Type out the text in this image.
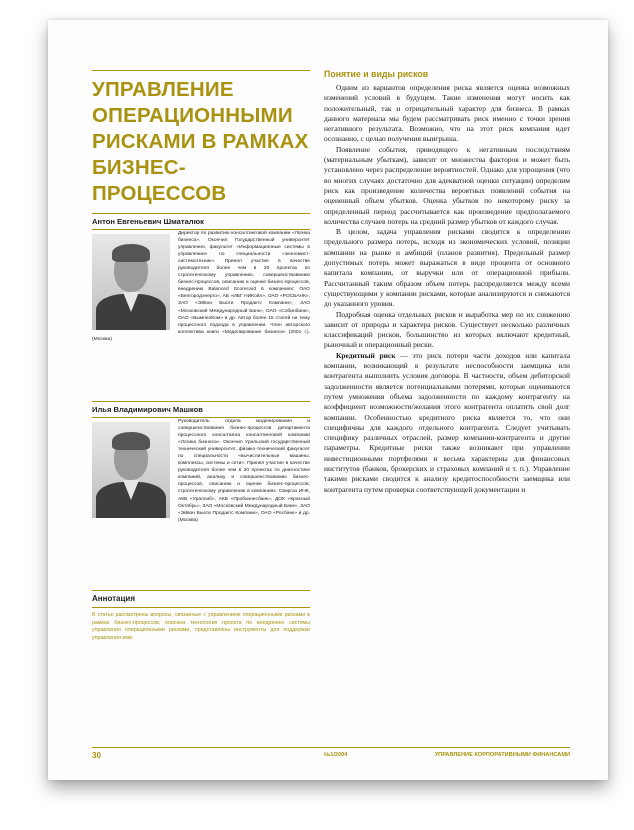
УПРАВЛЕНИЕ ОПЕРАЦИОННЫМИ РИСКАМИ В РАМКАХ БИЗНЕС-ПРОЦЕССОВ

Антон Евгеньевич Шматалюк

Директор по развитию консалтинговой компании «Логика бизнеса». Окончил Государственный университет управления, факультет «Информационные системы в управлении» по специальности «экономист-системотехник». Принял участие в качестве руководителя более чем в 20 проектах по стратегическому управлению, совершенствованию бизнес-процессов, описанию и оценке бизнес-процессов, внедрению Balanced Scorecard в компаниях: ОАО «Белгородэнерго», АБ «ИБГ НИКойл», ОАО «РОСБАНК», ЗАО «Эйвон Бьюти Продактс Компани», ЗАО «Московский Международный Банк», ОАО «Собинбанк», ОАО «ВымпелКом» и др. Автор более 15 статей на тему процессного подхода в управлении. Член авторского коллектива книги «Моделирование бизнеса» (2001 г.). (Москва)

Илья Владимирович Машков

Руководитель отдела моделирования и совершенствования бизнес-процессов департамента процессного консалтинга консалтинговой компании «Логика бизнеса». Окончил Уральский государственный технический университет, физико-технический факультет по специальности «вычислительные машины, комплексы, системы и сети». Принял участие в качестве руководителя более чем в 20 проектах по диагностике компаний, анализу и совершенствованию бизнес-процессов, описанию и оценке бизнес-процессов, стратегическому управлению в компаниях: Свиргаз ИНК, АКБ «Уралсиб», АКБ «Пробизнесбанк», ДОК «Красный Октябрь», ЗАО «Московский Международный Банк», ЗАО «Эйвон Бьюти Продактс Компани», ОАО «Росбанк» и др. (Москва)

Аннотация

В статье рассмотрены вопросы, связанные с управлением операционными рисками в рамках бизнес-процессов, описана технология проекта по внедрению системы управления операционными рисками, представлены инструменты для поддержки управления ими.

Понятие и виды рисков

Одним из вариантов определения риска является оценка возможных изменений условий в будущем. Такие изменения могут носить как положительный, так и отрицательный характер для бизнеса. В рамках данного материала мы будем рассматривать риск именно с точки зрения негативного результата. Возможно, что на этот риск компания идет осознанно, с целью получения выигрыша.

Появление события, приводящего к негативным последствиям (материальным убыткам), зависит от множества факторов и может быть установлено через распределение вероятностей. Однако для упрощения (что во многих случаях достаточно для адекватной оценки ситуации) определим риск как произведение количества вероятных появлений события на оцененный объем убытков. Оценка убытков по некоторому риску за определенный период рассчитывается как произведение предполагаемого количества случаев потерь на средний размер убытков от каждого случая.

В целом, задача управления рисками сводится к определению предельного размера потерь, исходя из экономических условий, позиции компании на рынке и амбиций (планов развития). Предельный размер допустимых потерь может выражаться в виде процента от основного капитала компании, от выручки или от операционной прибыли. Рассчитанный таким образом объем потерь распределяется между всеми существующими у компании рисками, которые анализируются и снижаются до указанного уровня.

Подробная оценка отдельных рисков и выработка мер по их снижению зависит от природы и характера рисков. Существует несколько различных классификаций рисков, большинство из которых включают кредитный, рыночный и операционный риски.

Кредитный риск — это риск потери части доходов или капитала компании, возникающий в результате неспособности заемщика или контрагента выполнить условия договора. В частности, объем дебиторской задолженности является потенциальными потерями, которые оцениваются путем умножения объема задолженности по каждому контрагенту на коэффициент возможности/желания этого контрагента оплатить свой долг компании. Особенностью кредитного риска является то, что они специфичны для каждого отдельного контрагента. Следует учитывать специфику различных отраслей, размер компании-контрагента и другие параметры. Кредитные риски также возникают при управлении инвестиционными портфелями и весьма характерны для финансовых институтов (банков, брокерских и страховых компаний и т. п.). Управление такими рисками сводится к анализу кредитоспособности заемщика или контрагента путем проверки соответствующей документации и

30	№1/2004	УПРАВЛЕНИЕ КОРПОРАТИВНЫМИ ФИНАНСАМИ
